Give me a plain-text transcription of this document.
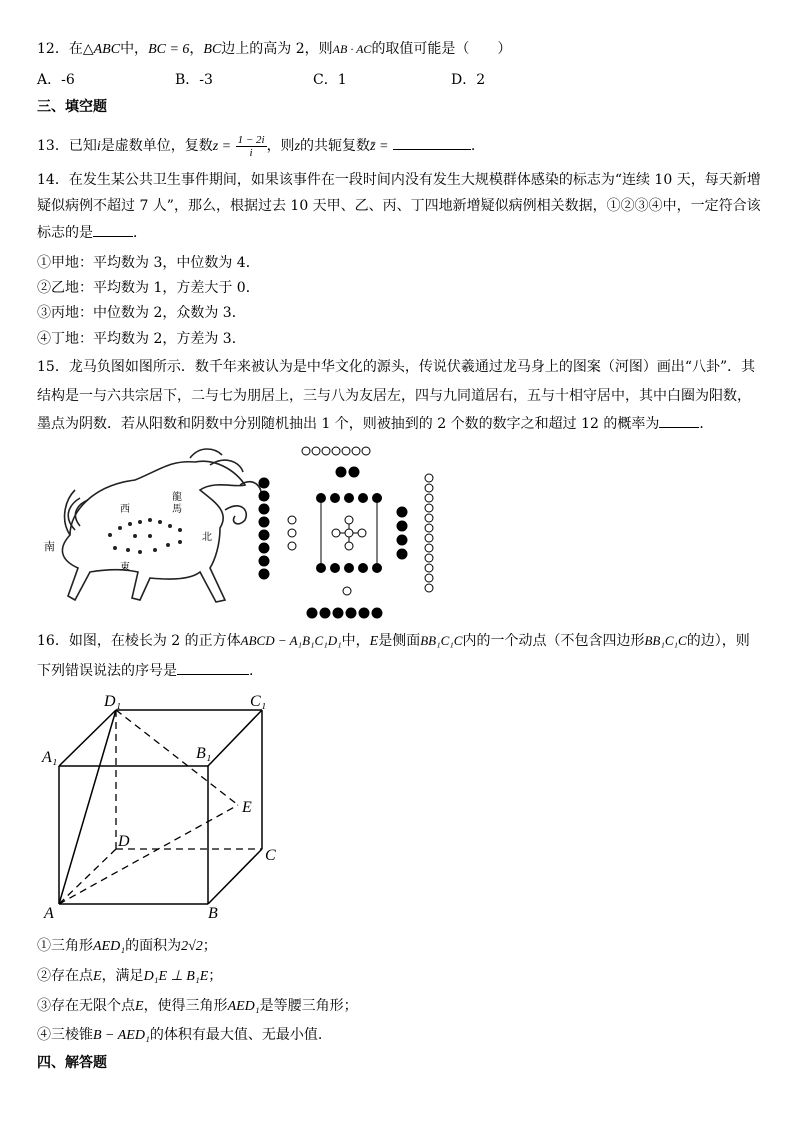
12．在△ABC中，BC = 6，BC边上的高为 2，则AB · AC的取值可能是（　　）
A．-6	B．-3	C．1	D．2
三、填空题
13．已知i是虚数单位，复数$z = \frac{1 - 2i}{i}$ ，则z的共轭复数z̄ =	.
14．在发生某公共卫生事件期间，如果该事件在一段时间内没有发生大规模群体感染的标志为“连续 10 天，每天新增
疑似病例不超过 7 人”，那么，根据过去 10 天甲、乙、丙、丁四地新增疑似病例相关数据，①②③④中，一定符合该
标志的是	．
①甲地：平均数为 3，中位数为 4．
②乙地：平均数为 1，方差大于 0．
③丙地：中位数为 2，众数为 3．
④丁地：平均数为 2，方差为 3．
15．龙马负图如图所示．数千年来被认为是中华文化的源头，传说伏羲通过龙马身上的图案（河图）画出“八卦”．其
结构是一与六共宗居下，二与七为朋居上，三与八为友居左，四与九同道居右，五与十相守居中，其中白圈为阳数，
墨点为阴数．若从阳数和阴数中分别随机抽出 1 个，则被抽到的 2 个数的数字之和超过 12 的概率为	．
南
西
北
東
龍
馬
16．如图，在棱长为 2 的正方体ABCD − A₁B₁C₁D₁中，E是侧面BB₁C₁C内的一个动点（不包含四边形BB₁C₁C的边），则
下列错误说法的序号是	.
D₁	C₁
A₁	B₁
E
D
C
A	B
①三角形AED₁的面积为2√2；
②存在点E，满足D₁E ⊥ B₁E；
③存在无限个点E，使得三角形AED₁是等腰三角形；
④三棱锥B − AED₁的体积有最大值、无最小值.
四、解答题
